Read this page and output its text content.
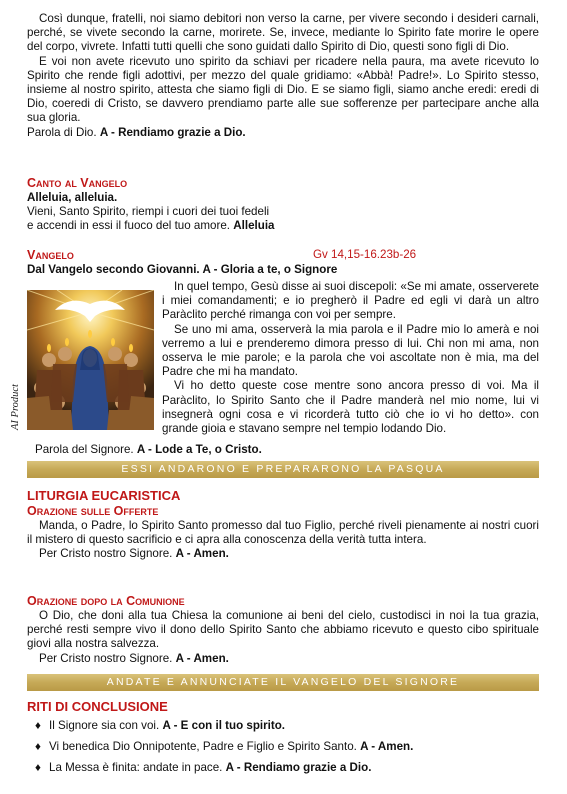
Così dunque, fratelli, noi siamo debitori non verso la carne, per vivere secondo i desideri carnali, perché, se vivete secondo la carne, morirete. Se, invece, mediante lo Spirito fate morire le opere del corpo, vivrete. Infatti tutti quelli che sono guidati dallo Spirito di Dio, questi sono figli di Dio.

E voi non avete ricevuto uno spirito da schiavi per ricadere nella paura, ma avete ricevuto lo Spirito che rende figli adottivi, per mezzo del quale gridiamo: «Abbà! Padre!». Lo Spirito stesso, insieme al nostro spirito, attesta che siamo figli di Dio. E se siamo figli, siamo anche eredi: eredi di Dio, coeredi di Cristo, se davvero prendiamo parte alle sue sofferenze per partecipare anche alla sua gloria.

Parola di Dio. A - Rendiamo grazie a Dio.

Canto al Vangelo

Alleluia, alleluia.

Vieni, Santo Spirito, riempi i cuori dei tuoi fedeli

e accendi in essi il fuoco del tuo amore. Alleluia

Vangelo	Gv 14,15-16.23b-26

Dal Vangelo secondo Giovanni. A - Gloria a te, o Signore

AI Product

In quel tempo, Gesù disse ai suoi discepoli: «Se mi amate, osserverete i miei comandamenti; e io pregherò il Padre ed egli vi darà un altro Paràclito perché rimanga con voi per sempre.

Se uno mi ama, osserverà la mia parola e il Padre mio lo amerà e noi verremo a lui e prenderemo dimora presso di lui. Chi non mi ama, non osserva le mie parole; e la parola che voi ascoltate non è mia, ma del Padre che mi ha mandato.

Vi ho detto queste cose mentre sono ancora presso di voi. Ma il Paràclito, lo Spirito Santo che il Padre manderà nel mio nome, lui vi insegnerà ogni cosa e vi ricorderà tutto ciò che io vi ho detto». con grande gioia e stavano sempre nel tempio lodando Dio.

Parola del Signore. A - Lode a Te, o Cristo.

ESSI ANDARONO E PREPARARONO LA PASQUA
LITURGIA EUCARISTICA
Orazione sulle Offerte

Manda, o Padre, lo Spirito Santo promesso dal tuo Figlio, perché riveli pienamente ai nostri cuori il mistero di questo sacrificio e ci apra alla conoscenza della verità tutta intera.

Per Cristo nostro Signore. A - Amen.

Orazione dopo la Comunione

O Dio, che doni alla tua Chiesa la comunione ai beni del cielo, custodisci in noi la tua grazia, perché resti sempre vivo il dono dello Spirito Santo che abbiamo ricevuto e questo cibo spirituale giovi alla nostra salvezza.

Per Cristo nostro Signore. A - Amen.

ANDATE E ANNUNCIATE IL VANGELO DEL SIGNORE
RITI DI CONCLUSIONE
♦ Il Signore sia con voi. A - E con il tuo spirito.
♦ Vi benedica Dio Onnipotente, Padre e Figlio e Spirito Santo. A - Amen.
♦ La Messa è finita: andate in pace. A - Rendiamo grazie a Dio.
